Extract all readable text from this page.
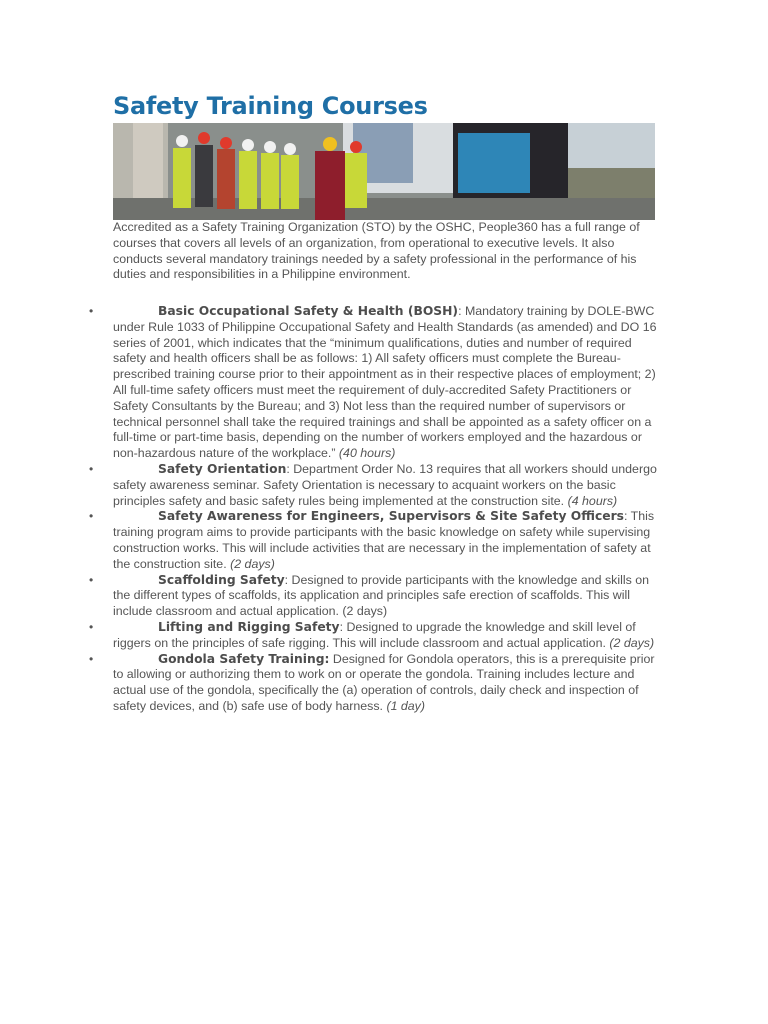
Safety Training Courses

Accredited as a Safety Training Organization (STO) by the OSHC, People360 has a full range of courses that covers all levels of an organization, from operational to executive levels. It also conducts several mandatory trainings needed by a safety professional in the performance of his duties and responsibilities in a Philippine environment.

•	Basic Occupational Safety & Health (BOSH): Mandatory training by DOLE-BWC under Rule 1033 of Philippine Occupational Safety and Health Standards (as amended) and DO 16 series of 2001, which indicates that the “minimum qualifications, duties and number of required safety and health officers shall be as follows: 1) All safety officers must complete the Bureau-prescribed training course prior to their appointment as in their respective places of employment; 2) All full-time safety officers must meet the requirement of duly-accredited Safety Practitioners or Safety Consultants by the Bureau; and 3) Not less than the required number of supervisors or technical personnel shall take the required trainings and shall be appointed as a safety officer on a full-time or part-time basis, depending on the number of workers employed and the hazardous or non-hazardous nature of the workplace.” (40 hours)
•	Safety Orientation: Department Order No. 13 requires that all workers should undergo safety awareness seminar. Safety Orientation is necessary to acquaint workers on the basic principles safety and basic safety rules being implemented at the construction site. (4 hours)
•	Safety Awareness for Engineers, Supervisors & Site Safety Officers: This training program aims to provide participants with the basic knowledge on safety while supervising construction works. This will include activities that are necessary in the implementation of safety at the construction site. (2 days)
•	Scaffolding Safety: Designed to provide participants with the knowledge and skills on the different types of scaffolds, its application and principles safe erection of scaffolds. This will include classroom and actual application. (2 days)
•	Lifting and Rigging Safety: Designed to upgrade the knowledge and skill level of riggers on the principles of safe rigging. This will include classroom and actual application. (2 days)
•	Gondola Safety Training: Designed for Gondola operators, this is a prerequisite prior to allowing or authorizing them to work on or operate the gondola. Training includes lecture and actual use of the gondola, specifically the (a) operation of controls, daily check and inspection of safety devices, and (b) safe use of body harness. (1 day)
